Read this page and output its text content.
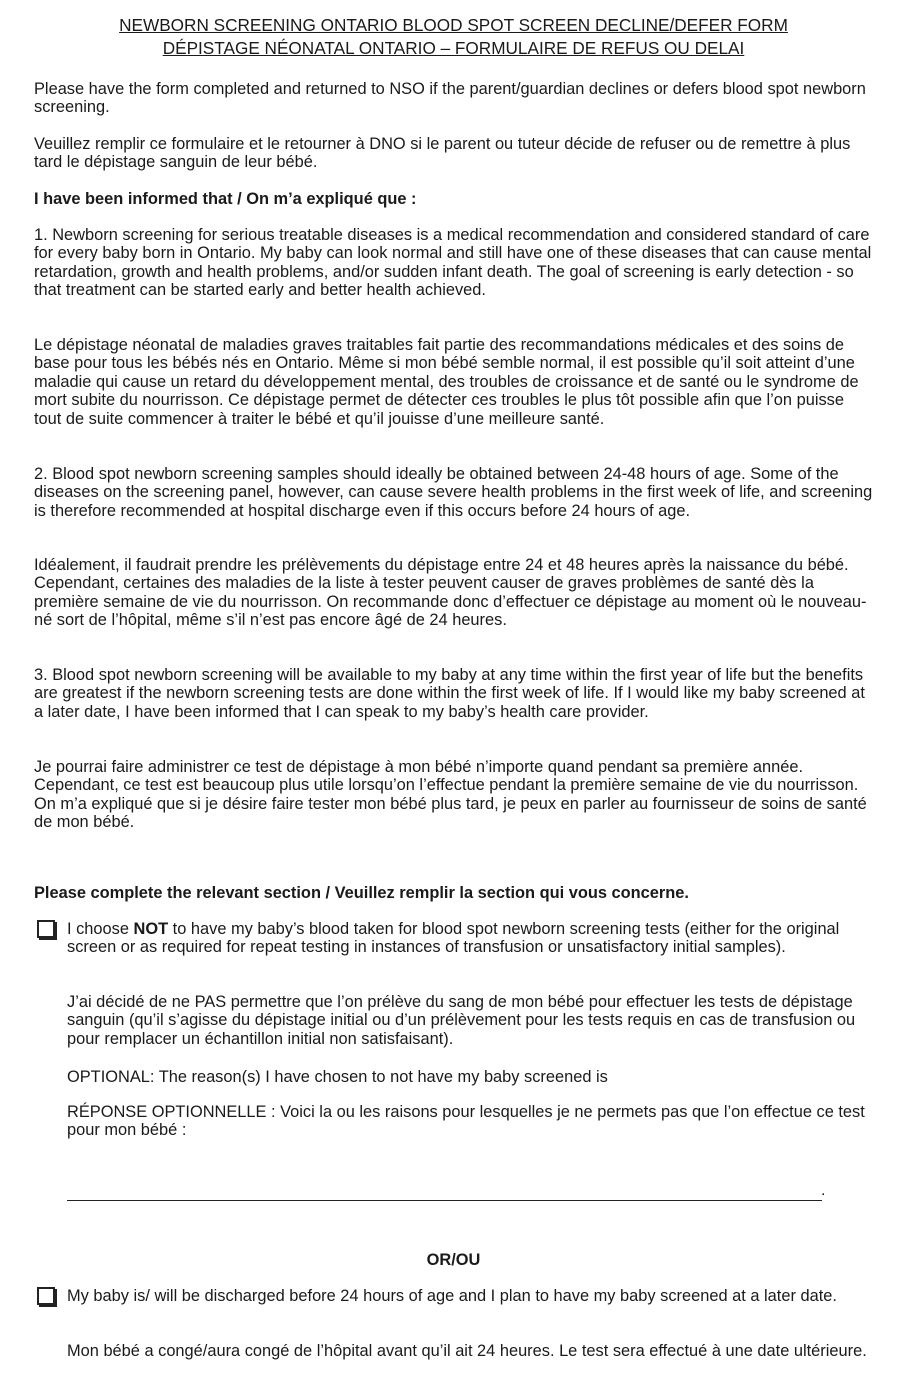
NEWBORN SCREENING ONTARIO BLOOD SPOT SCREEN DECLINE/DEFER FORM
DÉPISTAGE NÉONATAL ONTARIO – FORMULAIRE DE REFUS OU DELAI

Please have the form completed and returned to NSO if the parent/guardian declines or defers blood spot newborn screening.

Veuillez remplir ce formulaire et le retourner à DNO si le parent ou tuteur décide de refuser ou de remettre à plus tard le dépistage sanguin de leur bébé.

I have been informed that / On m’a expliqué que :

1. Newborn screening for serious treatable diseases is a medical recommendation and considered standard of care for every baby born in Ontario. My baby can look normal and still have one of these diseases that can cause mental retardation, growth and health problems, and/or sudden infant death. The goal of screening is early detection - so that treatment can be started early and better health achieved.

Le dépistage néonatal de maladies graves traitables fait partie des recommandations médicales et des soins de base pour tous les bébés nés en Ontario. Même si mon bébé semble normal, il est possible qu’il soit atteint d’une maladie qui cause un retard du développement mental, des troubles de croissance et de santé ou le syndrome de mort subite du nourrisson. Ce dépistage permet de détecter ces troubles le plus tôt possible afin que l’on puisse tout de suite commencer à traiter le bébé et qu’il jouisse d’une meilleure santé.

2. Blood spot newborn screening samples should ideally be obtained between 24-48 hours of age. Some of the diseases on the screening panel, however, can cause severe health problems in the first week of life, and screening is therefore recommended at hospital discharge even if this occurs before 24 hours of age.

Idéalement, il faudrait prendre les prélèvements du dépistage entre 24 et 48 heures après la naissance du bébé. Cependant, certaines des maladies de la liste à tester peuvent causer de graves problèmes de santé dès la première semaine de vie du nourrisson. On recommande donc d’effectuer ce dépistage au moment où le nouveau-né sort de l’hôpital, même s’il n’est pas encore âgé de 24 heures.

3. Blood spot newborn screening will be available to my baby at any time within the first year of life but the benefits are greatest if the newborn screening tests are done within the first week of life. If I would like my baby screened at a later date, I have been informed that I can speak to my baby’s health care provider.

Je pourrai faire administrer ce test de dépistage à mon bébé n’importe quand pendant sa première année. Cependant, ce test est beaucoup plus utile lorsqu’on l’effectue pendant la première semaine de vie du nourrisson. On m’a expliqué que si je désire faire tester mon bébé plus tard, je peux en parler au fournisseur de soins de santé de mon bébé.

Please complete the relevant section / Veuillez remplir la section qui vous concerne.

I choose NOT to have my baby’s blood taken for blood spot newborn screening tests (either for the original screen or as required for repeat testing in instances of transfusion or unsatisfactory initial samples).

J’ai décidé de ne PAS permettre que l’on prélève du sang de mon bébé pour effectuer les tests de dépistage sanguin (qu’il s’agisse du dépistage initial ou d’un prélèvement pour les tests requis en cas de transfusion ou pour remplacer un échantillon initial non satisfaisant).

OPTIONAL: The reason(s) I have chosen to not have my baby screened is

RÉPONSE OPTIONNELLE : Voici la ou les raisons pour lesquelles je ne permets pas que l’on effectue ce test pour mon bébé :

.
OR/OU

My baby is/ will be discharged before 24 hours of age and I plan to have my baby screened at a later date.

Mon bébé a congé/aura congé de l’hôpital avant qu’il ait 24 heures. Le test sera effectué à une date ultérieure.
